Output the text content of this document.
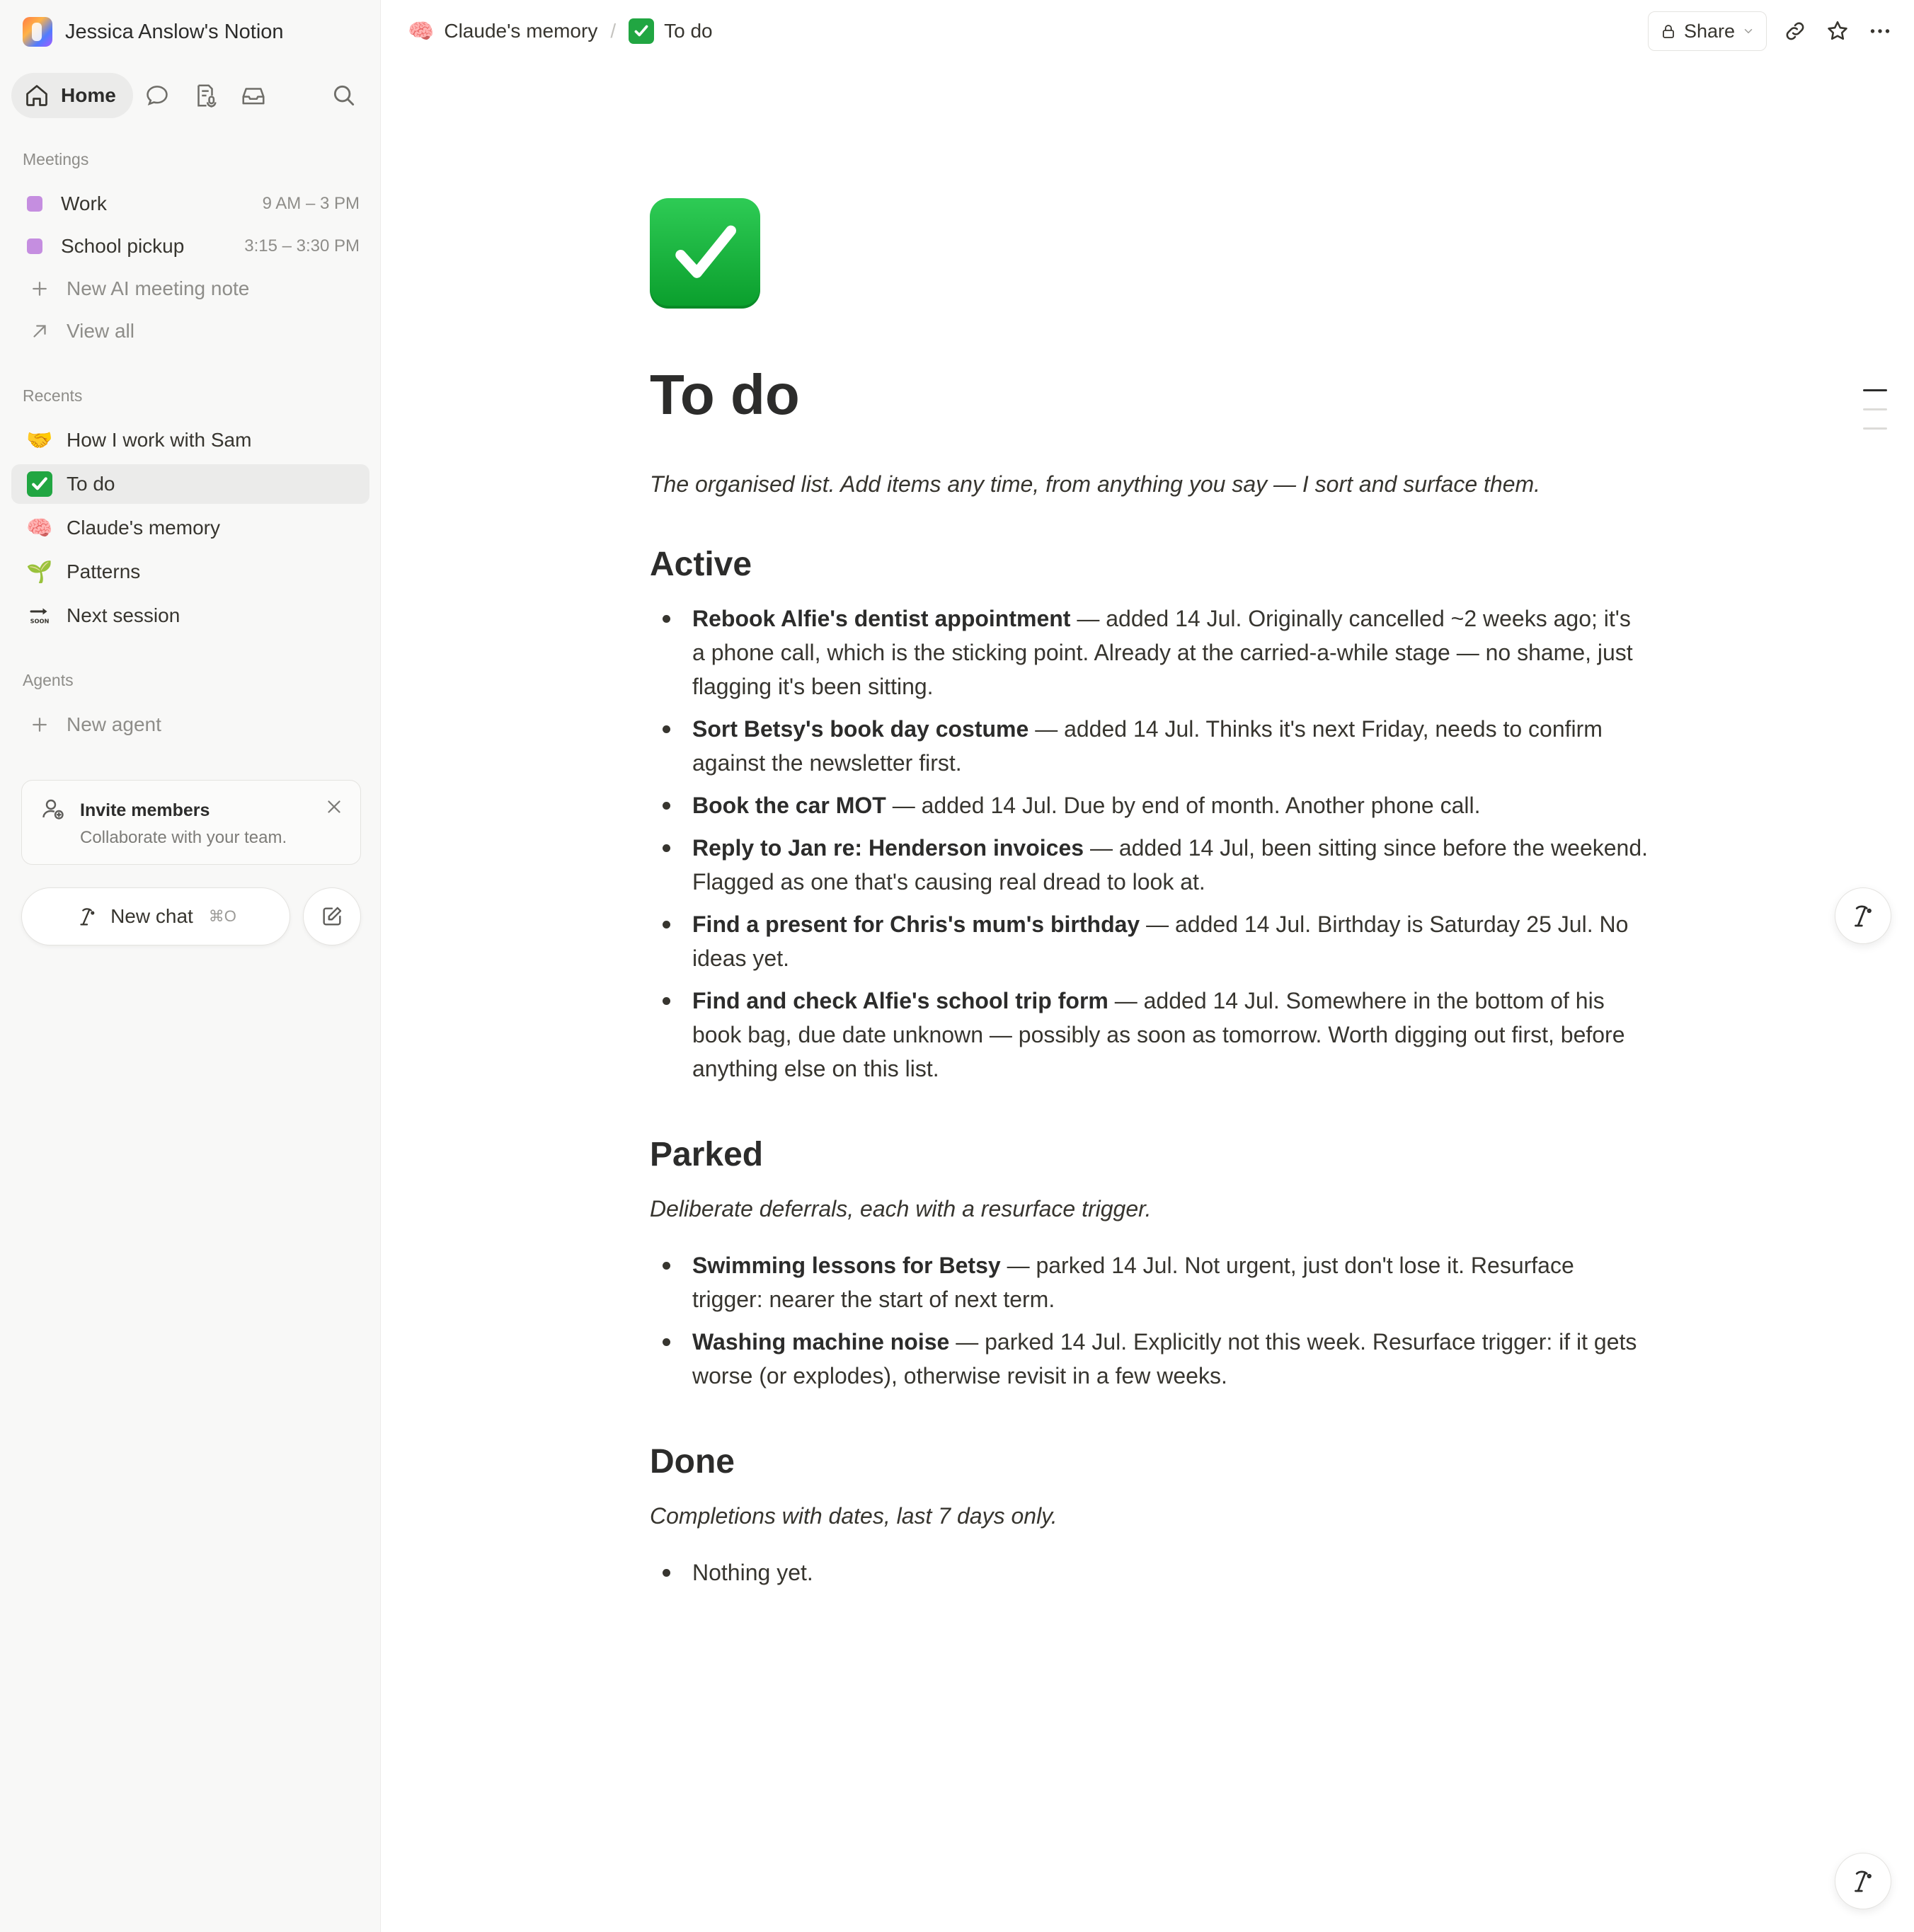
Jessica Anslow's Notion
Home
Meetings
Work	9 AM – 3 PM
School pickup	3:15 – 3:30 PM
New AI meeting note
View all
Recents
🤝 How I work with Sam
To do
🧠 Claude's memory
🌱 Patterns
SOON Next session
Agents
New agent
Invite members
Collaborate with your team.
New chat ⌘O
🧠 Claude's memory / To do	Share
To do

The organised list. Add items any time, from anything you say — I sort and surface them.

Active
Rebook Alfie's dentist appointment — added 14 Jul. Originally cancelled ~2 weeks ago; it's a phone call, which is the sticking point. Already at the carried-a-while stage — no shame, just flagging it's been sitting.
Sort Betsy's book day costume — added 14 Jul. Thinks it's next Friday, needs to confirm against the newsletter first.
Book the car MOT — added 14 Jul. Due by end of month. Another phone call.
Reply to Jan re: Henderson invoices — added 14 Jul, been sitting since before the weekend. Flagged as one that's causing real dread to look at.
Find a present for Chris's mum's birthday — added 14 Jul. Birthday is Saturday 25 Jul. No ideas yet.
Find and check Alfie's school trip form — added 14 Jul. Somewhere in the bottom of his book bag, due date unknown — possibly as soon as tomorrow. Worth digging out first, before anything else on this list.
Parked

Deliberate deferrals, each with a resurface trigger.

Swimming lessons for Betsy — parked 14 Jul. Not urgent, just don't lose it. Resurface trigger: nearer the start of next term.
Washing machine noise — parked 14 Jul. Explicitly not this week. Resurface trigger: if it gets worse (or explodes), otherwise revisit in a few weeks.
Done

Completions with dates, last 7 days only.

Nothing yet.
